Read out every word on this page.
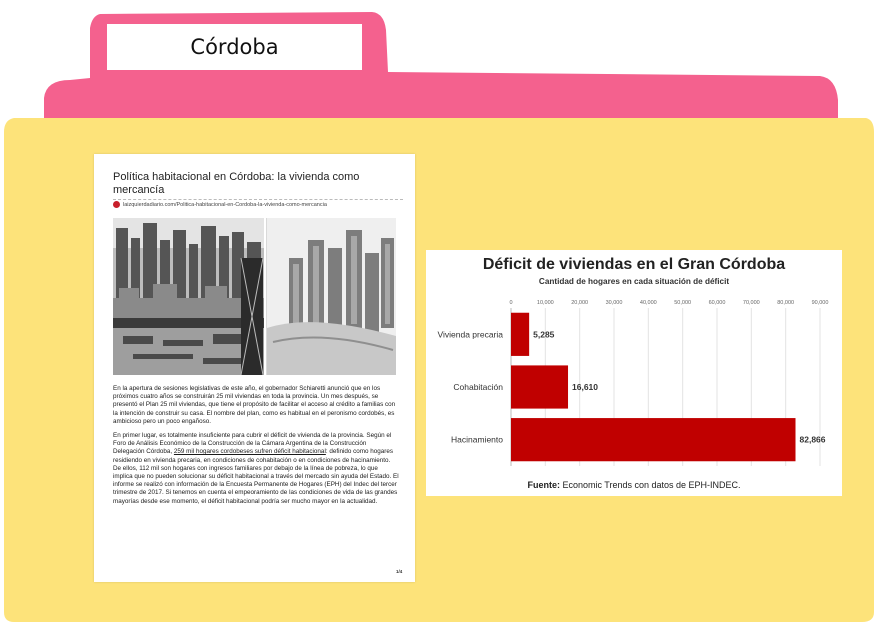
Córdoba
Política habitacional en Córdoba: la vivienda como mercancía
laizquierdadiario.com/Politica-habitacional-en-Cordoba-la-vivienda-como-mercancia

En la apertura de sesiones legislativas de este año, el gobernador Schiaretti anunció que en los próximos cuatro años se construirán 25 mil viviendas en toda la provincia. Un mes después, se presentó el Plan 25 mil viviendas, que tiene el propósito de facilitar el acceso al crédito a familias con la intención de construir su casa. El nombre del plan, como es habitual en el peronismo cordobés, es ambicioso pero un poco engañoso.

En primer lugar, es totalmente insuficiente para cubrir el déficit de vivienda de la provincia. Según el Foro de Análisis Económico de la Construcción de la Cámara Argentina de la Construcción Delegación Córdoba, 259 mil hogares cordobeses sufren déficit habitacional: definido como hogares residiendo en vivienda precaria, en condiciones de cohabitación o en condiciones de hacinamiento. De ellos, 112 mil son hogares con ingresos familiares por debajo de la línea de pobreza, lo que implica que no pueden solucionar su déficit habitacional a través del mercado sin ayuda del Estado. El informe se realizó con información de la Encuesta Permanente de Hogares (EPH) del Indec del tercer trimestre de 2017. Si tenemos en cuenta el empeoramiento de las condiciones de vida de las grandes mayorías desde ese momento, el déficit habitacional podría ser mucho mayor en la actualidad.

1/4
Déficit de viviendas en el Gran Córdoba
Cantidad de hogares en cada situación de déficit
0	10,000	20,000	30,000	40,000	50,000	60,000	70,000	80,000	90,000
Vivienda precaria	5,285
Cohabitación	16,610
Hacinamiento	82,866
Fuente: Economic Trends con datos de EPH-INDEC.
